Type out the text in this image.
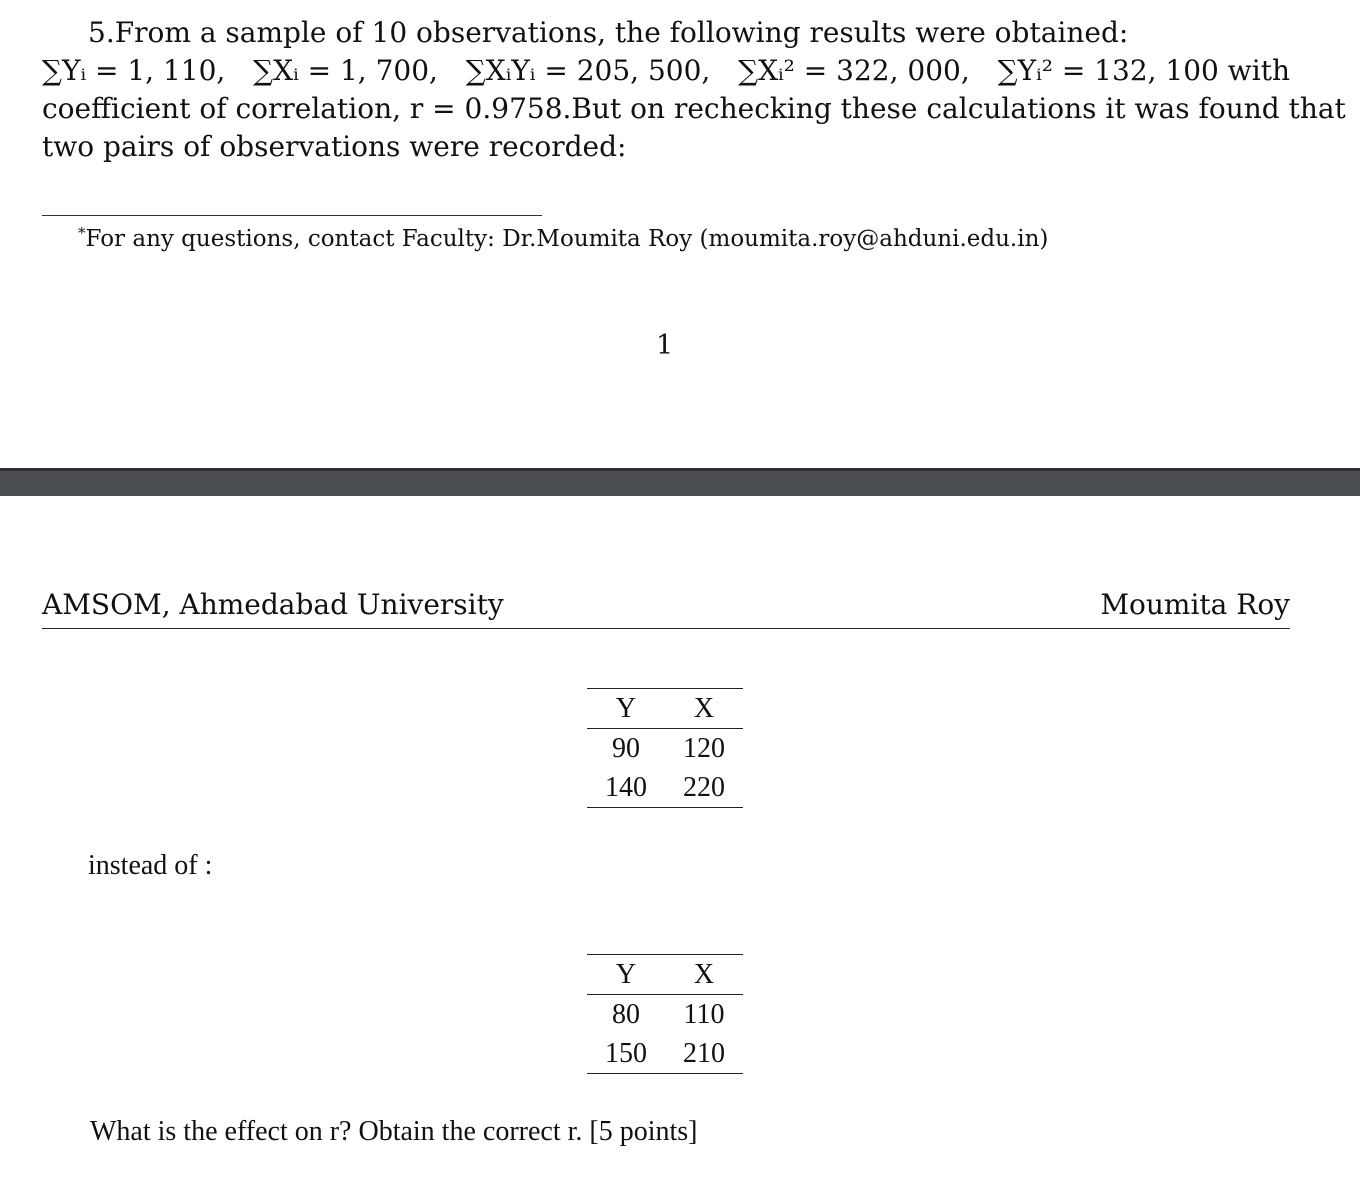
5.From a sample of 10 observations, the following results were obtained:
∑Yᵢ = 1, 110, ∑Xᵢ = 1, 700, ∑XᵢYᵢ = 205, 500, ∑Xᵢ² = 322, 000, ∑Yᵢ² = 132, 100 with
coefficient of correlation, r = 0.9758. But on rechecking these calculations it was found that
two pairs of observations were recorded:
*For any questions, contact Faculty: Dr.Moumita Roy (moumita.roy@ahduni.edu.in)
1
AMSOM, Ahmedabad University	Moumita Roy
Y	X
90	120
140	220
instead of :
Y	X
80	110
150	210
What is the effect on r? Obtain the correct r. [5 points]
